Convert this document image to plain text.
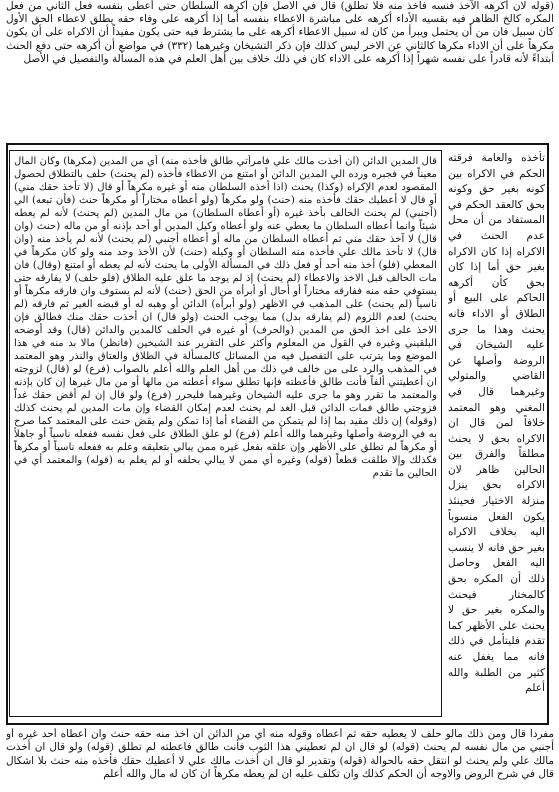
(قوله لان أكرهه الآخذ فنسه فاخذ منه فلا تطلق) قال في الاصل فإن أكرهه السلطان حتى أعطى بنفسه فعل الثاني من فعل المكره كالخ الظاهر فيه بقسيه الأداء أكرهه على مباشرة الاعطاء بنفسه أما إذا أكرهه على وفاء حقه يطلق لاعطاء الحق الأول كان سبيل فان من أن يحتمل ويبرأ من كان له سبيل الاعطاء أكرهه على ما يشترط فيه حتى يكون مفيداً أن الاكراه على أن يكون مكرهاً على أن الاداء مكرها كالثاني عن الاخر ليس كذلك فإن ذكر التشيخان وغيرهما (٣٣٢) في مواضع أن أكرهه حتى دفع الحنث أبتداءً لأنه قادراً على نفسه شهراً إذا أكرهه على الاداء كان في ذلك خلاف بين أهل العلم في هذه المسألة والتفصيل في الأصل

قال المدين الدائن (ان أخذت مالك علي فامرأتي طالق فأخذه منه) أي من المدين (مكرها) وكان المال معيناً في فجبره ورده الي المدين الدائن أو امتنع من الاعطاء فأخذه (لم يحنث) حلف بالتطلاق لحصول المقصود لعدم الإكراه (وكذا) يحنث (اذا أخذه السلطان منه أو غيره مكرهاً أو قال (لا تأخذ حقك مني) أو قال لا أعطيك حقك فأخذه منه (حنث) ولو مكرهاً (ولو أعطاه مختاراً أو مكرهاً حنث (فأن تبعه) الي (أجنبي) لم يحنث الحالف بأخذ غيره (أو أعطاه السلطان) من مال المدين (لم يحنث) لأنه لم يعطه شيئاً وانما أعطاه السلطان ما يعطي عنه ولو أعطاه وكيل المدين أو أحد بإذنه أو من ماله (حنث (وان قال) لا آخذ حقك مني ثم أعطاه السلطان من ماله أو أعطاه أجنبي (لم يحنث) لأنه لم يأخذ منه (وان قال) لا تأخذ مالك علي فأخذه منه السلطان أو وكيله (حنث) لأن الأخذ وجد منه ولو كان مكرهاً في المعطي (فلو) أخذ منه أحد أو فعل ذلك في المسألة الأولى ما يحنث لأنه لم يعطه أو امتنع (وقال) فان مات الحالف قبل الاخذ والاعطاء (لم يحنث) إذ لم يوجد ما علق عليه الطلاق (فلو حلف) لا يفارقه حتى يستوفي حقه منه ففارقه مختاراً أو أحال أو أبرأه من الحق (حنث) لأنه لم يستوف وان فارقه مكرهاً أو ناسياً (لم يحنث) على المذهب في الاظهر (ولو أبرأه) الدائن أو وهبه له أو قبضه الغير ثم فارقه (لم يحنث) لعدم اللزوم (لم يفارقه بدل) مما يوجب الحنث (ولو قال) ان أخذت حقك منك فطالق فإن الاخذ على اخذ الحق من المدين (والحرف) أو غيره في الحلف كالمدين والدائن (قال) وقد أوضحه البلقيني وغيره في القول من المعلوم وأكثر على التقرير عند الشيخين (فانظر) مالا بد منه في هذا الموضع وما يترتب على التفصيل فيه من المسائل كالمسألة في الطلاق والعتاق والنذر وهو المعتمد في المذهب والرد على من خالف في ذلك من أهل العلم والله أعلم بالصواب (فرع) لو (قال) لزوجته ان أعطيتني ألفاً فأنت طالق فأعطته فإنها تطلق سواء أعطته من مالها أو من مال غيرها إن كان بإذنه والمعتمد ما تقرر وهو ما جرى عليه الشيخان وغيرهما فليحرر (فرع) ولو قال إن لم أقض حقك غداً فزوجتي طالق فمات الدائن قبل الغد لم يحنث لعدم إمكان القضاء وإن مات المدين لم يحنث كذلك (وقوله) إن ذلك مقيد بما إذا لم يتمكن من القضاء أما إذا تمكن ولم يقض حنث على المعتمد كما صرح به في الروضة وأصلها وغيرهما والله أعلم (فرع) لو علق الطلاق على فعل نفسه ففعله ناسياً أو جاهلاً أو مكرهاً لم تطلق على الأظهر وإن علقه بفعل غيره ممن يبالي بتعليقه وعلم به ففعله ناسياً أو مكرهاً فكذلك وإلا طلقت قطعاً (قوله) وغيره أي ممن لا يبالي بحلفه أو لم يعلم به (قوله) والمعتمد أي في الحالين ما تقدم

تأخذه والعامة فرقته الحكم في الاكراه بين كونه بغير حق وكونه بحق كالعقد الحكم في المستفاد من أن محل عدم الحنث في الاكراه إذا كان الاكراه بغير حق أما إذا كان بحق كأن أكرهه الحاكم على البيع أو الطلاق أو الاداء فانه يحنث وهذا ما جرى عليه الشيخان في الروضة وأصلها عن القاضي والمتولي وغيرهما قال في المغني وهو المعتمد خلافاً لمن قال ان الاكراه بحق لا يحنث مطلقاً والفرق بين الحالين ظاهر لان الاكراه بحق ينزل منزلة الاختيار فحينئذ يكون الفعل منسوباً اليه بخلاف الاكراه بغير حق فانه لا ينسب اليه الفعل وحاصل ذلك أن المكره بحق كالمختار فيحنث والمكره بغير حق لا يحنث على الأظهر كما تقدم فليتأمل في ذلك فانه مما يغفل عنه كثير من الطلبة والله أعلم

مفرداً قال ومن ذلك مالو حلف لا يعطيه حقه ثم أعطاه وقوله منه أي من الدائن أن أخذ منه حقه حنث وان أعطاه أحد غيره أو أجنبي من مال نفسه لم يحنث (قوله) لو قال ان لم تعطيني هذا الثوب فأنت طالق فاعطته لم تطلق (قوله) ولو قال ان أخذت مالك علي ولم يحنث لو انتقل حقه بالحوالة (قوله) وتقدير لو قال ان أخذت مالك علي لا أعطيك حقك فأخذه منه حنث بلا اشكال قال في شرح الروض والاوجه أن الحكم كذلك وان تكلف عليه ان لم يعطه مكرهاً ان كان له مال والله أعلم
